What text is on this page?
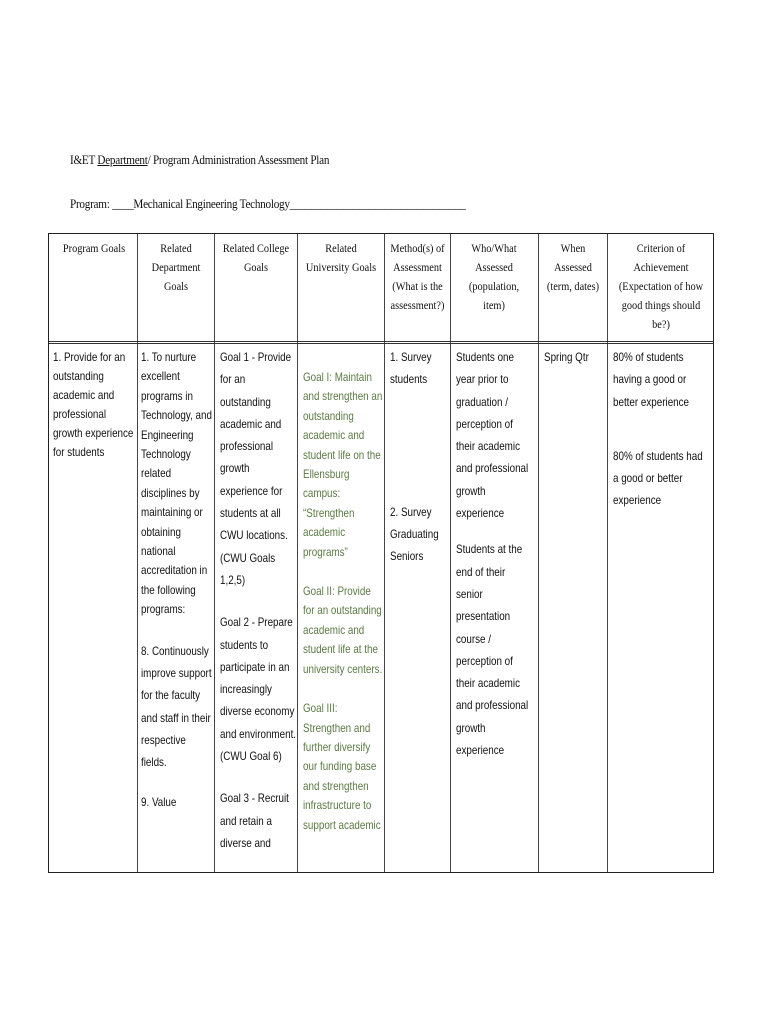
I&ET Department/ Program Administration Assessment Plan
Program: ____Mechanical Engineering Technology_________________________________
Program Goals	Related Department Goals
Related College Goals
Related University Goals
Who/What Assessed (population, item)
When Assessed (term, dates)
Method(s) of Assessment (What is the assessment?)
Criterion of Achievement (Expectation of how good things should be?)

1. Provide for an outstanding academic and professional growth experience for students

1. To nurture excellent programs in Technology, and Engineering Technology related disciplines by maintaining or obtaining national accreditation in the following programs:

8. Continuously improve support for the faculty and staff in their respective fields.

9. Value

Goal 1 - Provide for an outstanding academic and professional growth experience for students at all CWU locations. (CWU Goals 1,2,5)

Goal 2 - Prepare students to participate in an increasingly diverse economy and environment. (CWU Goal 6)

Goal 3 - Recruit and retain a diverse and

Goal I: Maintain and strengthen an outstanding academic and student life on the Ellensburg campus: “Strengthen academic programs”

Goal II: Provide for an outstanding academic and student life at the university centers.

Goal III: Strengthen and further diversify our funding base and strengthen infrastructure to support academic

1. Survey students

2. Survey Graduating Seniors

Students one year prior to graduation / perception of their academic and professional growth experience

Students at the end of their senior presentation course / perception of their academic and professional growth experience

Spring Qtr	80% of students having a good or better experience

80% of students had a good or better experience
